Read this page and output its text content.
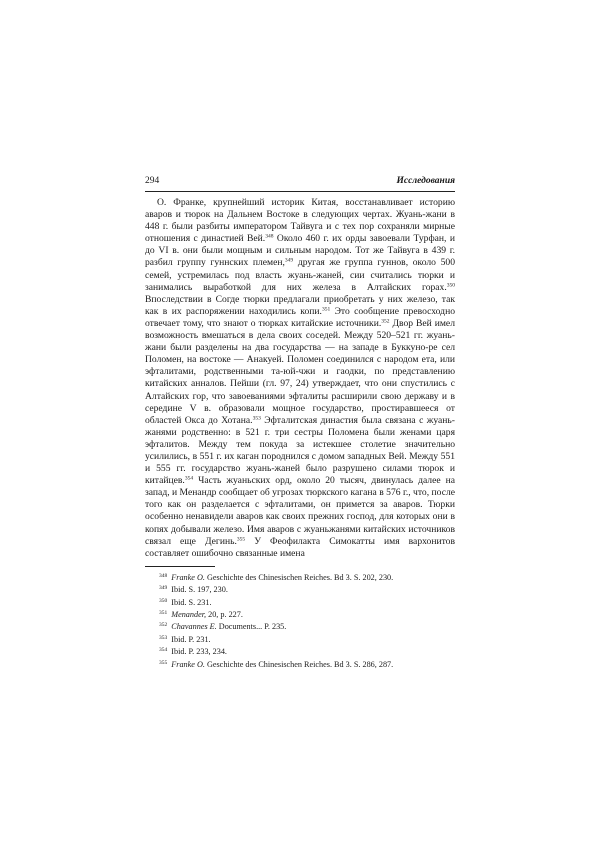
294	Исследования

О. Франке, крупнейший историк Китая, восстанавливает историю аваров и тюрок на Дальнем Востоке в следующих чертах. Жуань-жани в 448 г. были разбиты императором Тайвуга и с тех пор сохраняли мирные отношения с династией Вей.$^{348}$ Около 460 г. их орды завоевали Турфан, и до VI в. они были мощным и сильным народом. Тот же Тайвуга в 439 г. разбил группу гуннских племен,$^{349}$ другая же группа гуннов, около 500 семей, устремилась под власть жуань-жаней, сии считались тюрки и занимались выработкой для них железа в Алтайских горах.$^{350}$ Впоследствии в Согде тюрки предлагали приобретать у них железо, так как в их распоряжении находились копи.$^{351}$ Это сообщение превосходно отвечает тому, что знают о тюрках китайские источники.$^{352}$ Двор Вей имел возможность вмешаться в дела своих соседей. Между 520–521 гг. жуань-жани были разделены на два государства — на западе в Буккуно-ре сел Поломен, на востоке — Анакуей. Поломен соединился с народом ета, или эфталитами, родственными та-юй-чжи и гаодки, по представлению китайских анналов. Пейши (гл. 97, 24) утверждает, что они спустились с Алтайских гор, что завоеваниями эфталиты расширили свою державу и в середине V в. образовали мощное государство, простиравшееся от областей Окса до Хотана.$^{353}$ Эфталитская династия была связана с жуань-жанями родственно: в 521 г. три сестры Поломена были женами царя эфталитов. Между тем покуда за истекшее столетие значительно усилились, в 551 г. их каган породнился с домом западных Вей. Между 551 и 555 гг. государство жуань-жаней было разрушено силами тюрок и китайцев.$^{354}$ Часть жуаньских орд, около 20 тысяч, двинулась далее на запад, и Менандр сообщает об угрозах тюркского кагана в 576 г., что, после того как он разделается с эфталитами, он примется за аваров. Тюрки особенно ненавидели аваров как своих прежних господ, для которых они в копях добывали железо. Имя аваров с жуаньжанями китайских источников связал еще Дегинь.$^{355}$ У Феофилакта Симокатты имя вархонитов составляет ошибочно связанные имена

$^{348}$ Franke O. Geschichte des Chinesischen Reiches. Bd 3. S. 202, 230.
$^{349}$ Ibid. S. 197, 230.
$^{350}$ Ibid. S. 231.
$^{351}$ Menander, 20, p. 227.
$^{352}$ Chavannes E. Documents... P. 235.
$^{353}$ Ibid. P. 231.
$^{354}$ Ibid. P. 233, 234.
$^{355}$ Franke O. Geschichte des Chinesischen Reiches. Bd 3. S. 286, 287.
